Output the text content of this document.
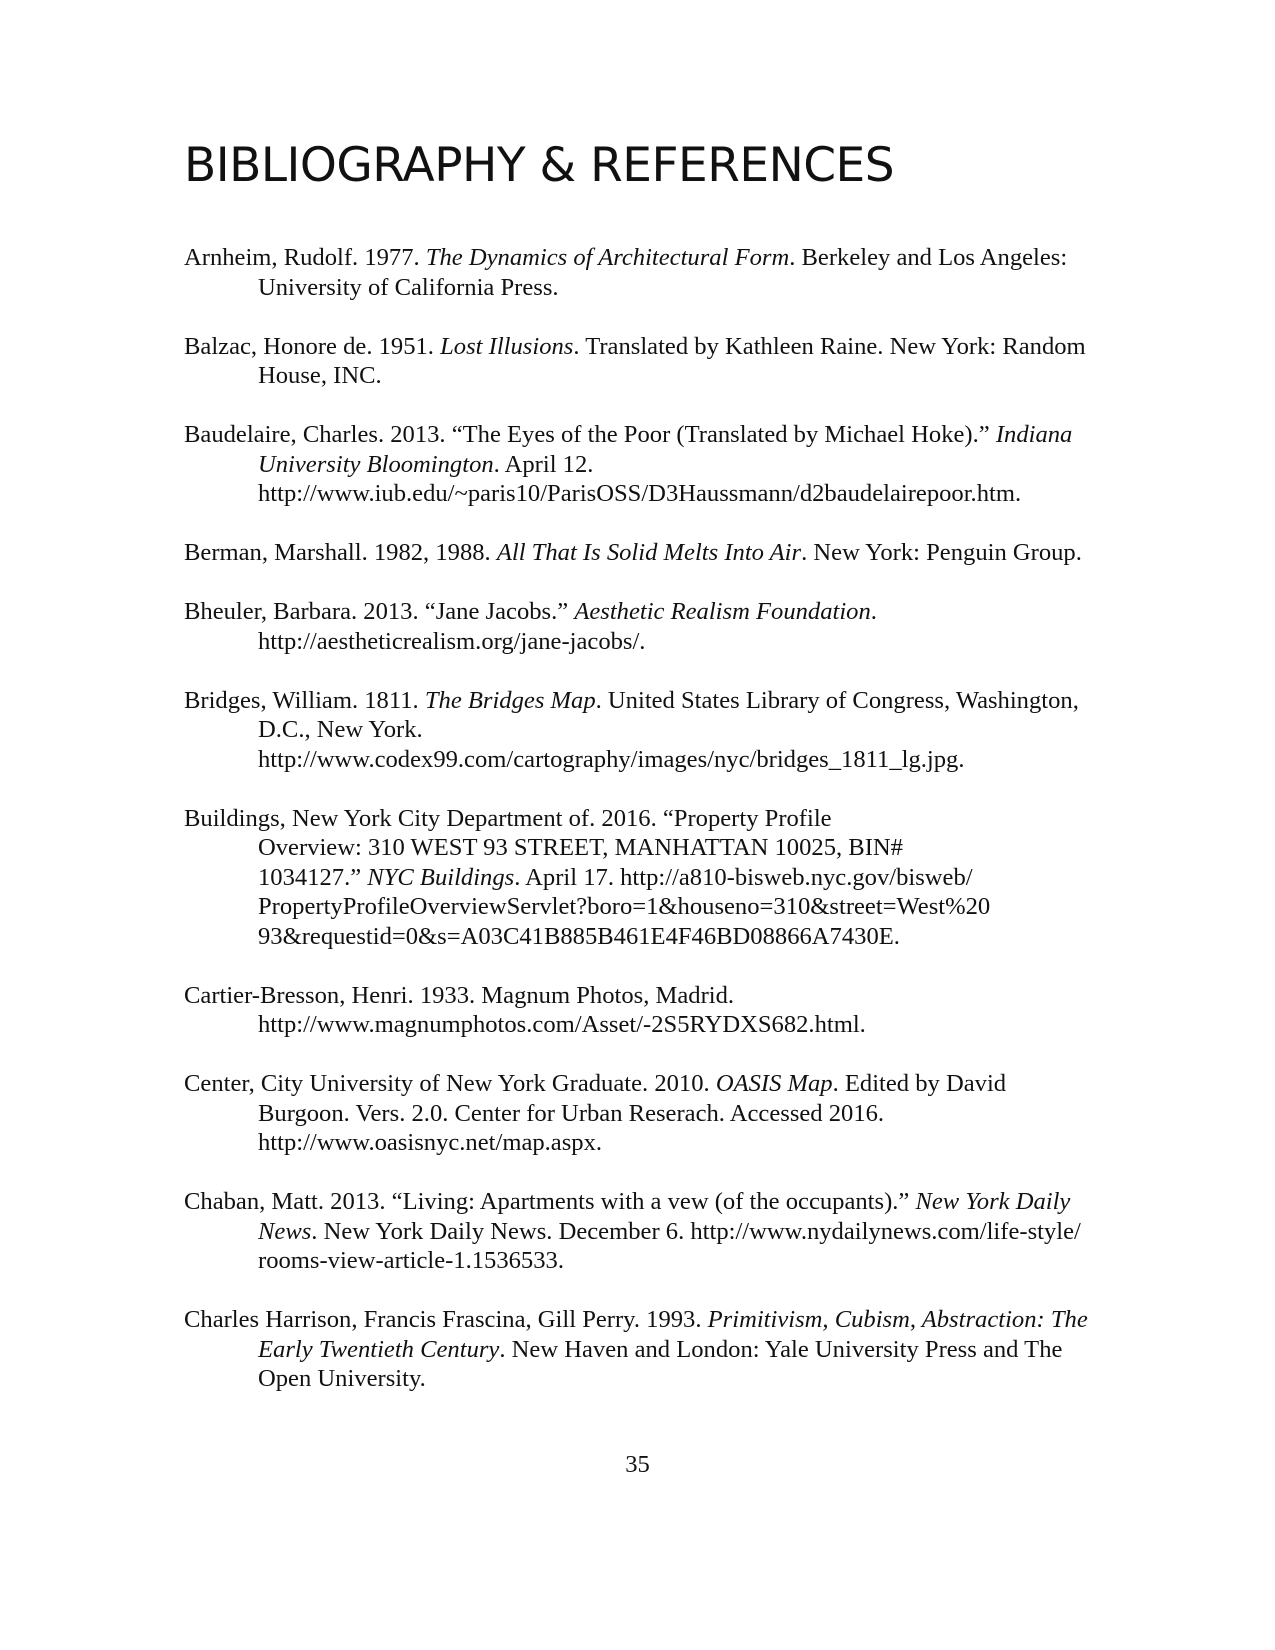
BIBLIOGRAPHY & REFERENCES
Arnheim, Rudolf. 1977. The Dynamics of Architectural Form. Berkeley and Los Angeles:
University of California Press.
Balzac, Honore de. 1951. Lost Illusions. Translated by Kathleen Raine. New York: Random
House, INC.
Baudelaire, Charles. 2013. “The Eyes of the Poor (Translated by Michael Hoke).” Indiana
University Bloomington. April 12.
http://www.iub.edu/~paris10/ParisOSS/D3Haussmann/d2baudelairepoor.htm.
Berman, Marshall. 1982, 1988. All That Is Solid Melts Into Air. New York: Penguin Group.
Bheuler, Barbara. 2013. “Jane Jacobs.” Aesthetic Realism Foundation.
http://aestheticrealism.org/jane-jacobs/.
Bridges, William. 1811. The Bridges Map. United States Library of Congress, Washington,
D.C., New York.
http://www.codex99.com/cartography/images/nyc/bridges_1811_lg.jpg.
Buildings, New York City Department of. 2016. “Property Profile
Overview: 310 WEST 93 STREET, MANHATTAN 10025, BIN#
1034127.” NYC Buildings. April 17. http://a810-bisweb.nyc.gov/bisweb/
PropertyProfileOverviewServlet?boro=1&houseno=310&street=West%20
93&requestid=0&s=A03C41B885B461E4F46BD08866A7430E.
Cartier-Bresson, Henri. 1933. Magnum Photos, Madrid.
http://www.magnumphotos.com/Asset/-2S5RYDXS682.html.
Center, City University of New York Graduate. 2010. OASIS Map. Edited by David
Burgoon. Vers. 2.0. Center for Urban Reserach. Accessed 2016.
http://www.oasisnyc.net/map.aspx.
Chaban, Matt. 2013. “Living: Apartments with a vew (of the occupants).” New York Daily
News. New York Daily News. December 6. http://www.nydailynews.com/life-style/
rooms-view-article-1.1536533.
Charles Harrison, Francis Frascina, Gill Perry. 1993. Primitivism, Cubism, Abstraction: The
Early Twentieth Century. New Haven and London: Yale University Press and The
Open University.
35
